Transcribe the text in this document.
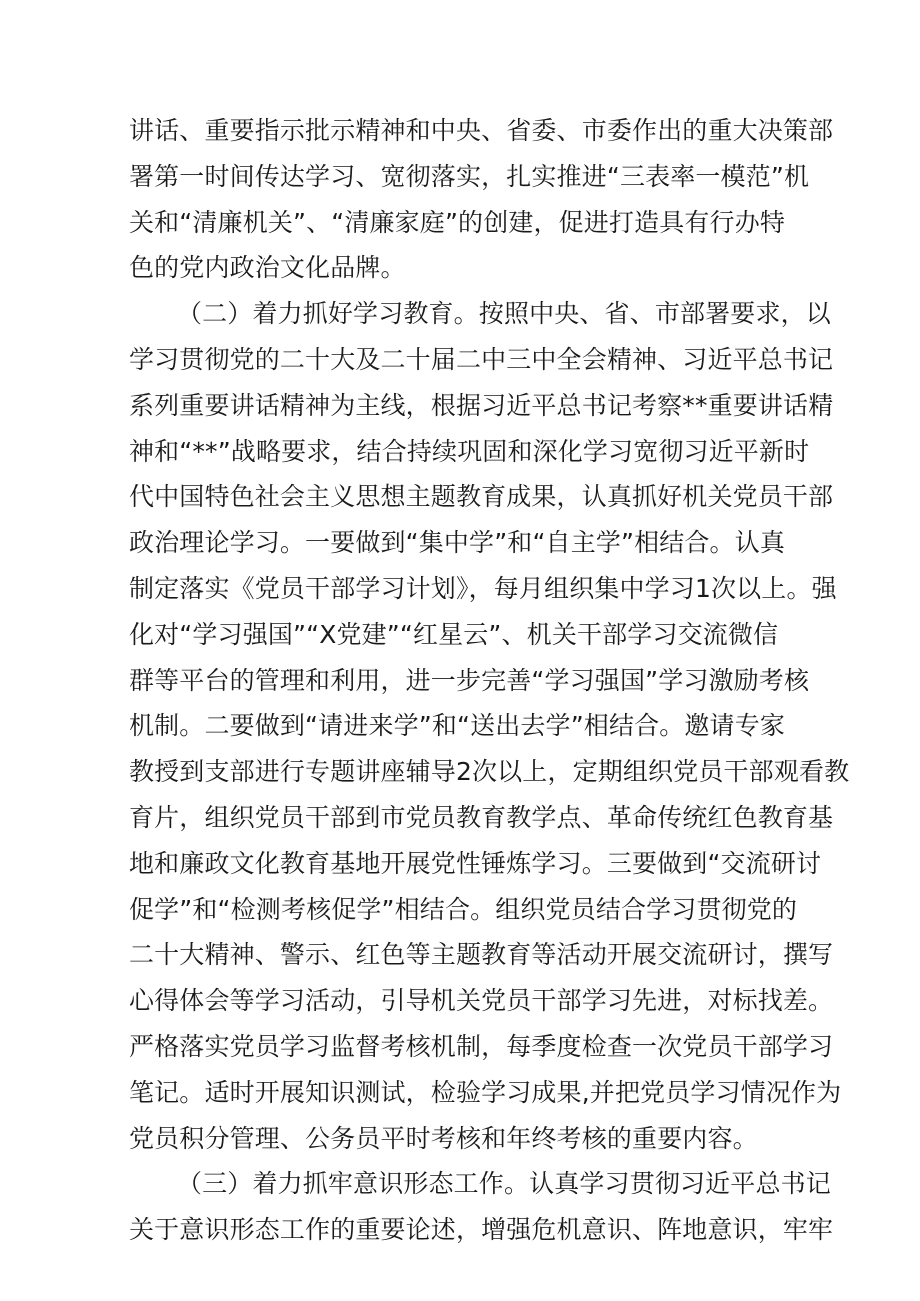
讲话、重要指示批示精神和中央、省委、市委作出的重大决策部
署第一时间传达学习、宽彻落实，扎实推进“三表率一模范”机
关和“清廉机关”、“清廉家庭”的创建，促进打造具有行办特
色的党内政治文化品牌。
（二）着力抓好学习教育。按照中央、省、市部署要求，以
学习贯彻党的二十大及二十届二中三中全会精神、习近平总书记
系列重要讲话精神为主线，根据习近平总书记考察**重要讲话精
神和“**”战略要求，结合持续巩固和深化学习宽彻习近平新时
代中国特色社会主义思想主题教育成果，认真抓好机关党员干部
政治理论学习。一要做到“集中学”和“自主学”相结合。认真
制定落实《党员干部学习计划》，每月组织集中学习1次以上。强
化对“学习强国”“X党建”“红星云”、机关干部学习交流微信
群等平台的管理和利用，进一步完善“学习强国”学习激励考核
机制。二要做到“请进来学”和“送出去学”相结合。邀请专家
教授到支部进行专题讲座辅导2次以上，定期组织党员干部观看教
育片，组织党员干部到市党员教育教学点、革命传统红色教育基
地和廉政文化教育基地开展党性锤炼学习。三要做到“交流研讨
促学”和“检测考核促学”相结合。组织党员结合学习贯彻党的
二十大精神、警示、红色等主题教育等活动开展交流研讨，撰写
心得体会等学习活动，引导机关党员干部学习先进，对标找差。
严格落实党员学习监督考核机制，每季度检查一次党员干部学习
笔记。适时开展知识测试，检验学习成果,并把党员学习情况作为
党员积分管理、公务员平时考核和年终考核的重要内容。
（三）着力抓牢意识形态工作。认真学习贯彻习近平总书记
关于意识形态工作的重要论述，增强危机意识、阵地意识，牢牢
